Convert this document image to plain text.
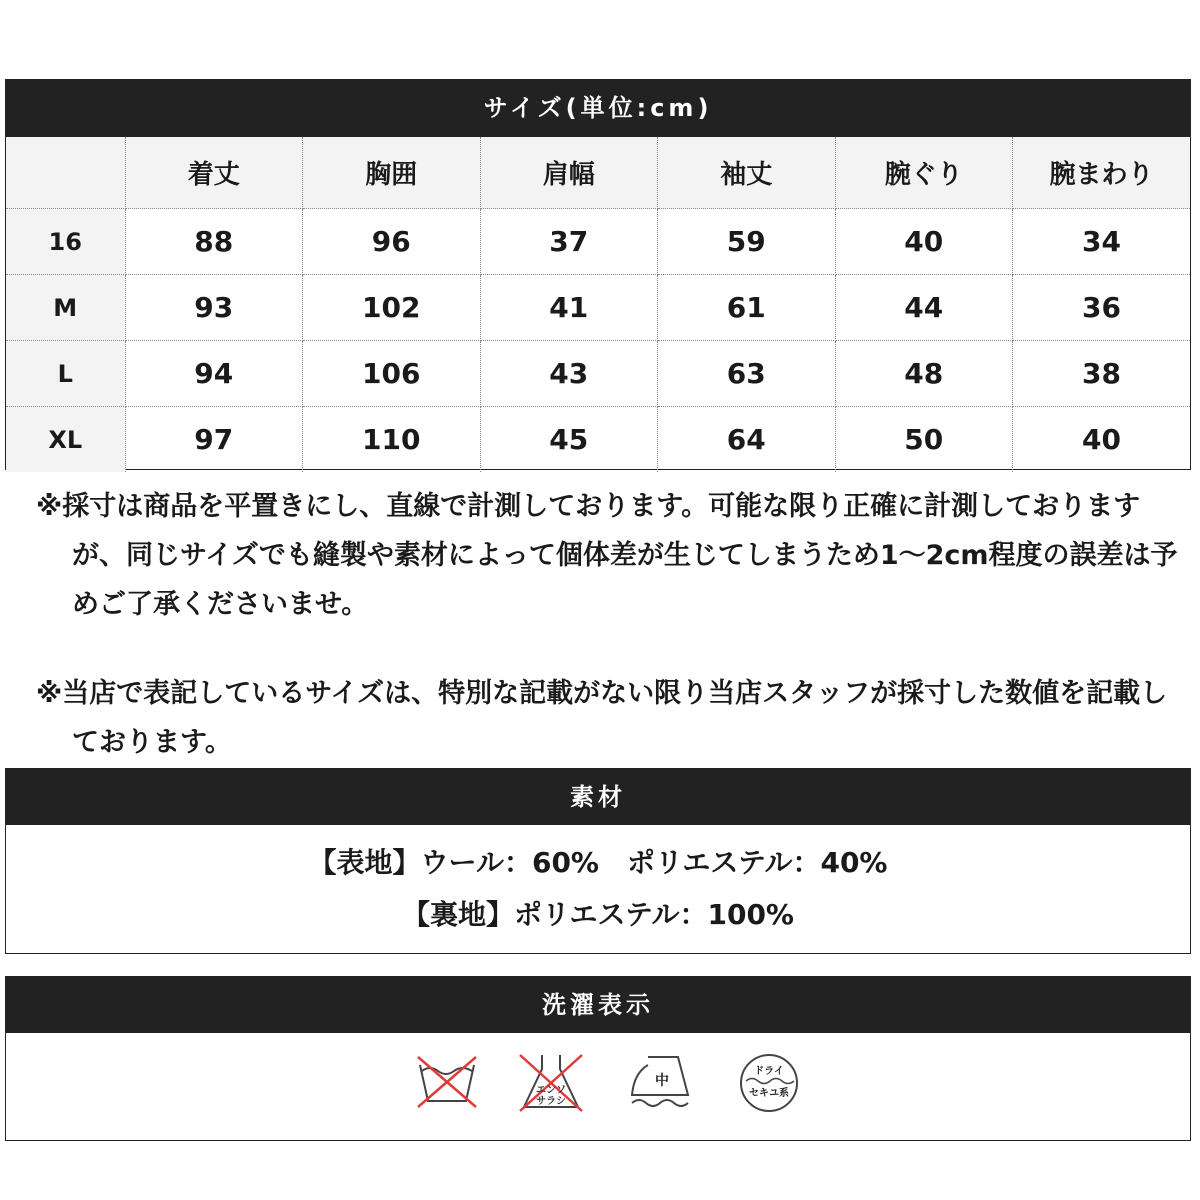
サイズ(単位:cm)
	着丈	胸囲	肩幅	袖丈	腕ぐり	腕まわり
16	88	96	37	59	40	34
M	93	102	41	61	44	36
L	94	106	43	63	48	38
XL	97	110	45	64	50	40

※採寸は商品を平置きにし、直線で計測しております。可能な限り正確に計測しておりますが、同じサイズでも縫製や素材によって個体差が生じてしまうため1〜2cm程度の誤差は予めご了承くださいませ。

※当店で表記しているサイズは、特別な記載がない限り当店スタッフが採寸した数値を記載しております。

素材
【表地】ウール：60%　ポリエステル：40%
【裏地】ポリエステル：100%
洗濯表示
エンソ
サラシ
中
ドライ
セキユ系
